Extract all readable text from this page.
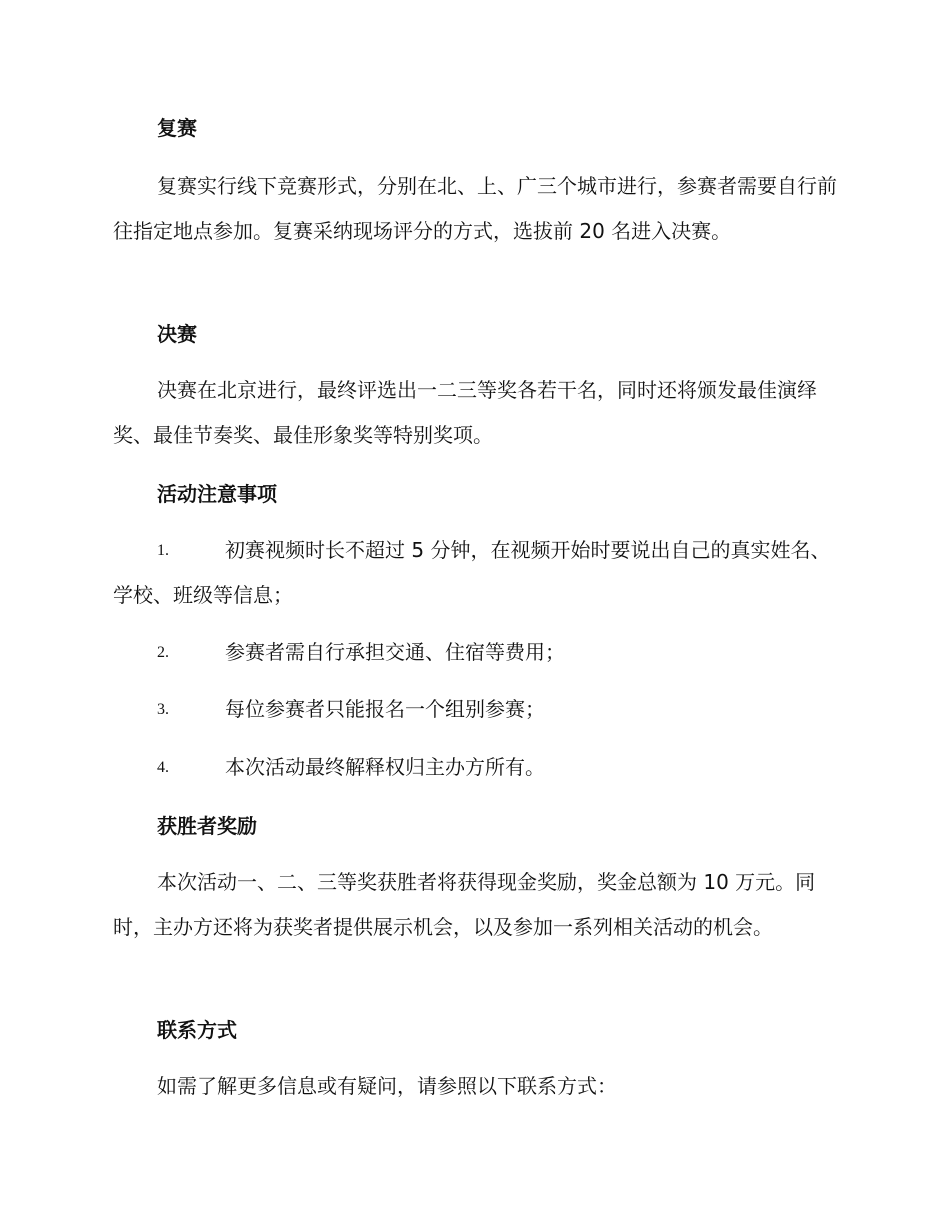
复赛

复赛实行线下竞赛形式，分别在北、上、广三个城市进行，参赛者需要自行前往指定地点参加。复赛采纳现场评分的方式，选拔前 20 名进入决赛。

决赛

决赛在北京进行，最终评选出一二三等奖各若干名，同时还将颁发最佳演绎奖、最佳节奏奖、最佳形象奖等特别奖项。

活动注意事项
1.	初赛视频时长不超过 5 分钟，在视频开始时要说出自己的真实姓名、学校、班级等信息；
2.	参赛者需自行承担交通、住宿等费用；
3.	每位参赛者只能报名一个组别参赛；
4.	本次活动最终解释权归主办方所有。
获胜者奖励

本次活动一、二、三等奖获胜者将获得现金奖励，奖金总额为 10 万元。同时，主办方还将为获奖者提供展示机会，以及参加一系列相关活动的机会。

联系方式

如需了解更多信息或有疑问，请参照以下联系方式：
